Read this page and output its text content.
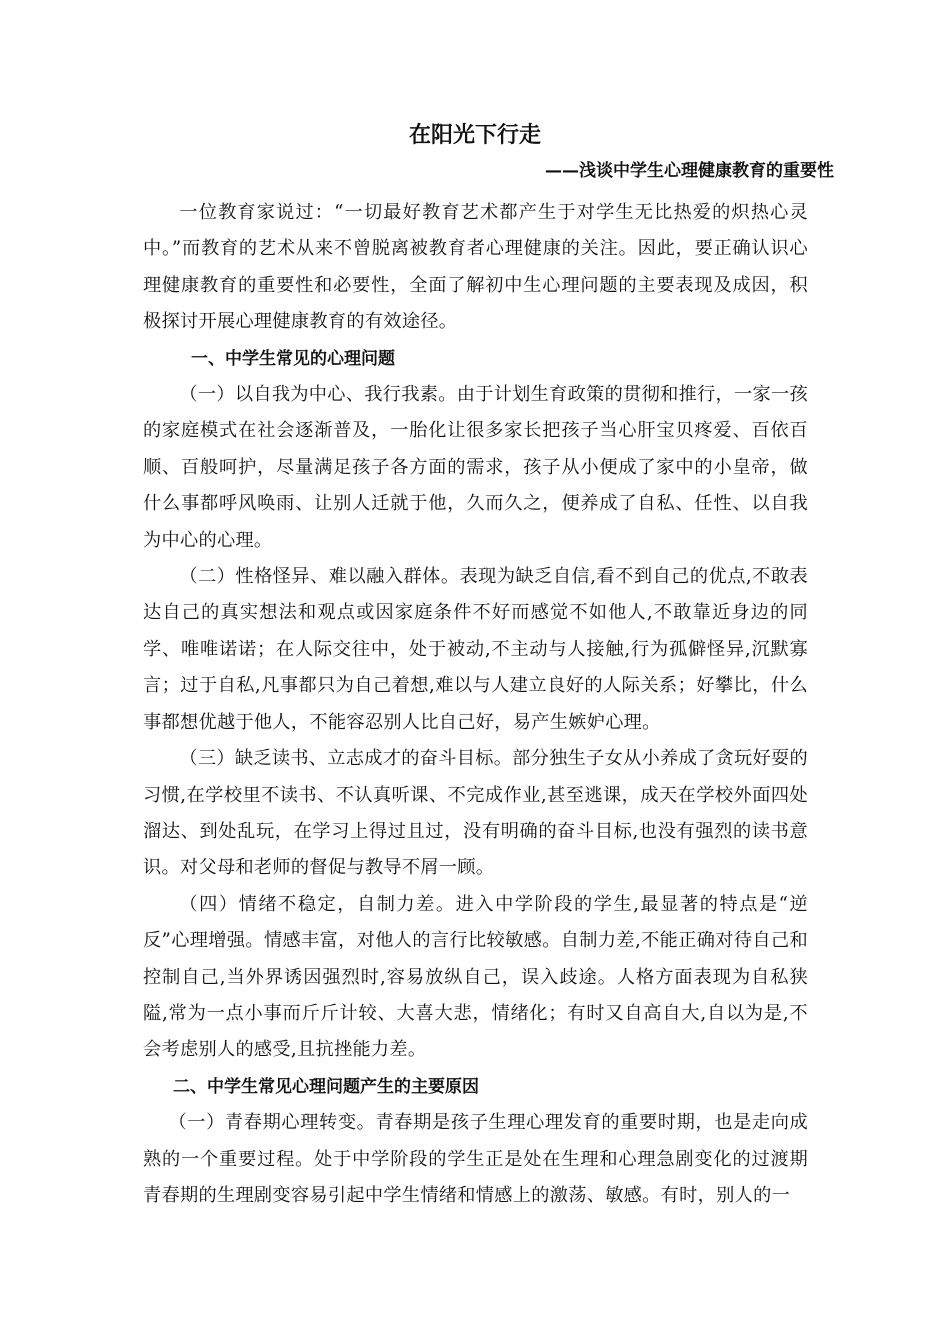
在阳光下行走
——浅谈中学生心理健康教育的重要性

一位教育家说过：“一切最好教育艺术都产生于对学生无比热爱的炽热心灵中。”而教育的艺术从来不曾脱离被教育者心理健康的关注。因此，要正确认识心理健康教育的重要性和必要性，全面了解初中生心理问题的主要表现及成因，积极探讨开展心理健康教育的有效途径。

一、中学生常见的心理问题

（一）以自我为中心、我行我素。由于计划生育政策的贯彻和推行，一家一孩的家庭模式在社会逐渐普及，一胎化让很多家长把孩子当心肝宝贝疼爱、百依百顺、百般呵护，尽量满足孩子各方面的需求，孩子从小便成了家中的小皇帝，做什么事都呼风唤雨、让别人迁就于他，久而久之，便养成了自私、任性、以自我为中心的心理。

（二）性格怪异、难以融入群体。表现为缺乏自信,看不到自己的优点,不敢表达自己的真实想法和观点或因家庭条件不好而感觉不如他人,不敢靠近身边的同学、唯唯诺诺；在人际交往中，处于被动,不主动与人接触,行为孤僻怪异,沉默寡言；过于自私,凡事都只为自己着想,难以与人建立良好的人际关系；好攀比，什么事都想优越于他人，不能容忍别人比自己好，易产生嫉妒心理。

（三）缺乏读书、立志成才的奋斗目标。部分独生子女从小养成了贪玩好耍的习惯,在学校里不读书、不认真听课、不完成作业,甚至逃课，成天在学校外面四处溜达、到处乱玩，在学习上得过且过，没有明确的奋斗目标,也没有强烈的读书意识。对父母和老师的督促与教导不屑一顾。

（四）情绪不稳定，自制力差。进入中学阶段的学生,最显著的特点是“逆反”心理增强。情感丰富，对他人的言行比较敏感。自制力差,不能正确对待自己和控制自己,当外界诱因强烈时,容易放纵自己，误入歧途。人格方面表现为自私狭隘,常为一点小事而斤斤计较、大喜大悲，情绪化；有时又自高自大,自以为是,不会考虑别人的感受,且抗挫能力差。

二、中学生常见心理问题产生的主要原因

（一）青春期心理转变。青春期是孩子生理心理发育的重要时期，也是走向成熟的一个重要过程。处于中学阶段的学生正是处在生理和心理急剧变化的过渡期 青春期的生理剧变容易引起中学生情绪和情感上的激荡、敏感。有时，别人的一
